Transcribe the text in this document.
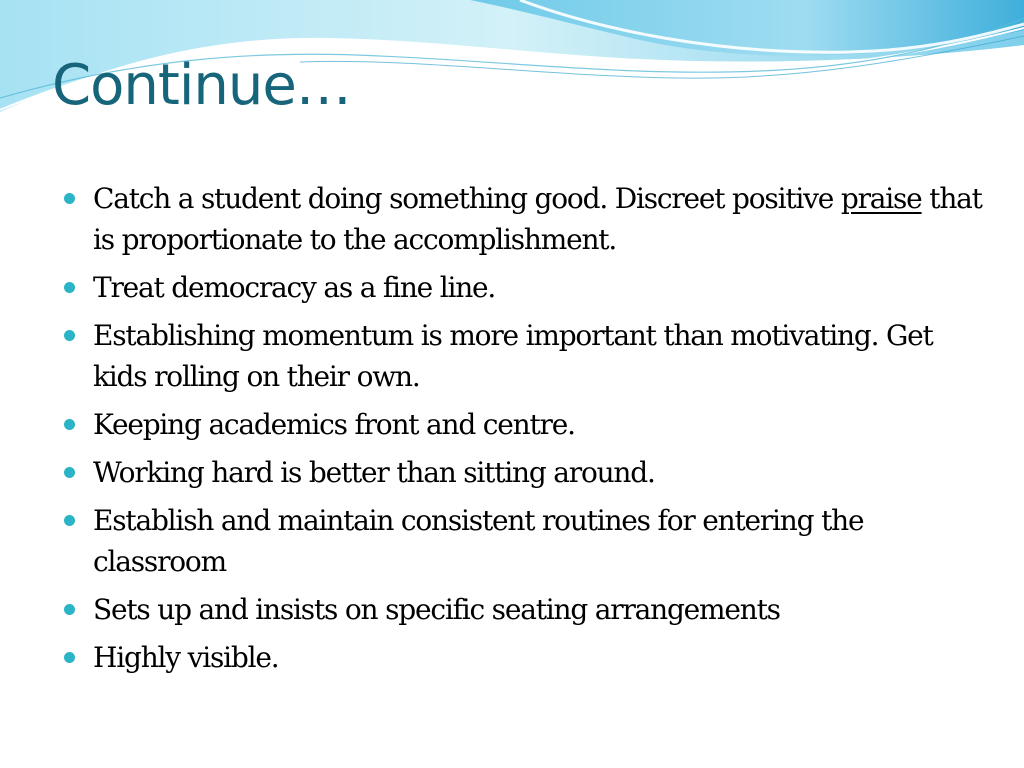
Continue…
Catch a student doing something good. Discreet positive praise that is proportionate to the accomplishment.
Treat democracy as a fine line.
Establishing momentum is more important than motivating. Get kids rolling on their own.
Keeping academics front and centre.
Working hard is better than sitting around.
Establish and maintain consistent routines for entering the classroom
Sets up and insists on specific seating arrangements
Highly visible.
